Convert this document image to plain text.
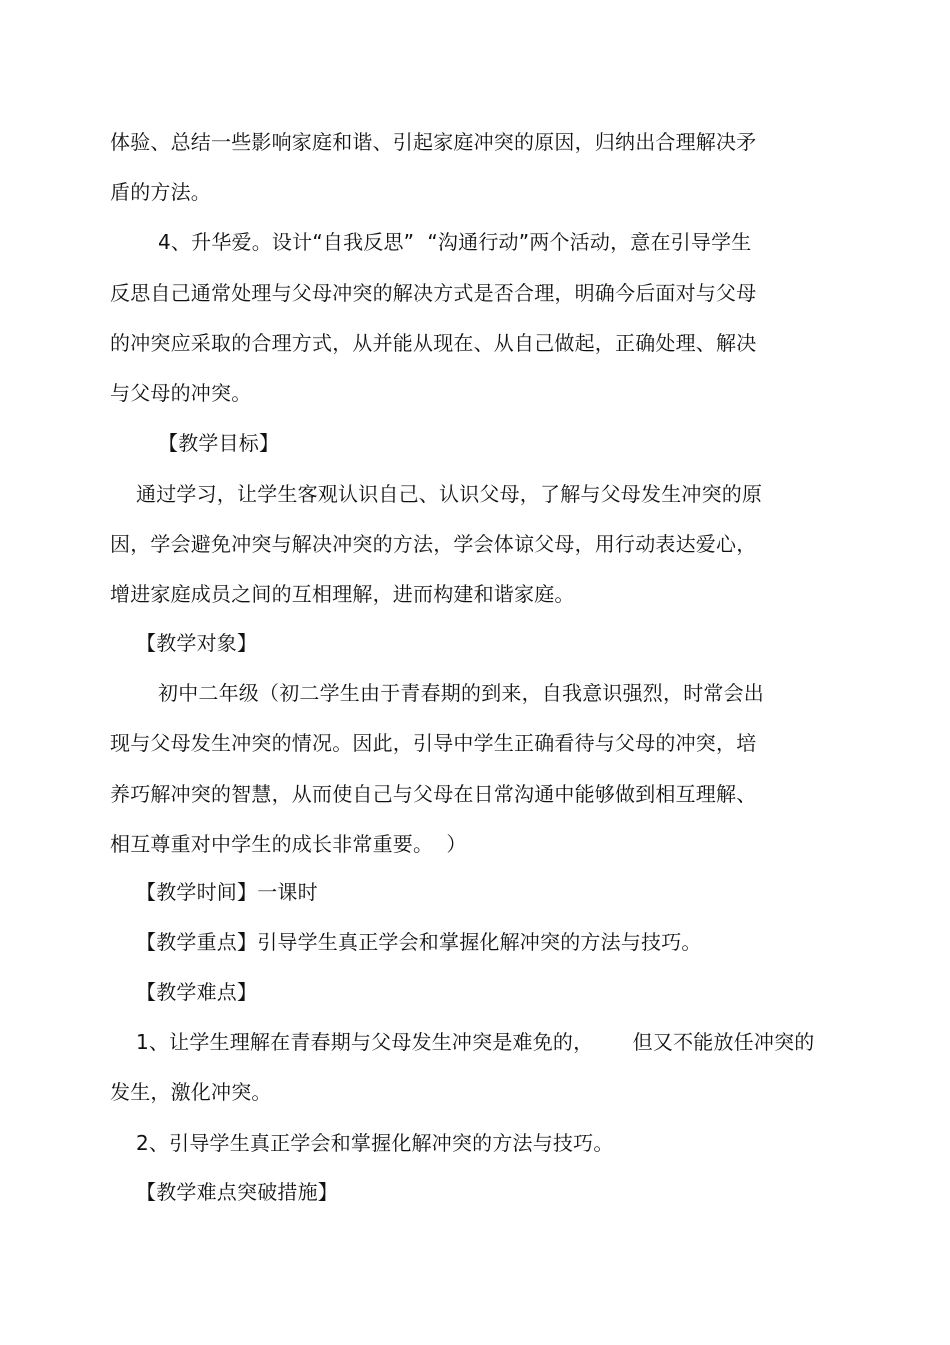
体验、总结一些影响家庭和谐、引起家庭冲突的原因，归纳出合理解决矛
盾的方法。
4、升华爱。设计“自我反思”  “沟通行动”两个活动，意在引导学生
反思自己通常处理与父母冲突的解决方式是否合理，明确今后面对与父母
的冲突应采取的合理方式，从并能从现在、从自己做起，正确处理、解决
与父母的冲突。
【教学目标】
通过学习，让学生客观认识自己、认识父母，了解与父母发生冲突的原
因，学会避免冲突与解决冲突的方法，学会体谅父母，用行动表达爱心，
增进家庭成员之间的互相理解，进而构建和谐家庭。
【教学对象】
初中二年级（初二学生由于青春期的到来，自我意识强烈，时常会出
现与父母发生冲突的情况。因此，引导中学生正确看待与父母的冲突，培
养巧解冲突的智慧，从而使自己与父母在日常沟通中能够做到相互理解、
相互尊重对中学生的成长非常重要。  ）
【教学时间】一课时
【教学重点】引导学生真正学会和掌握化解冲突的方法与技巧。
【教学难点】
1、让学生理解在青春期与父母发生冲突是难免的，      但又不能放任冲突的
发生，激化冲突。
2、引导学生真正学会和掌握化解冲突的方法与技巧。
【教学难点突破措施】
